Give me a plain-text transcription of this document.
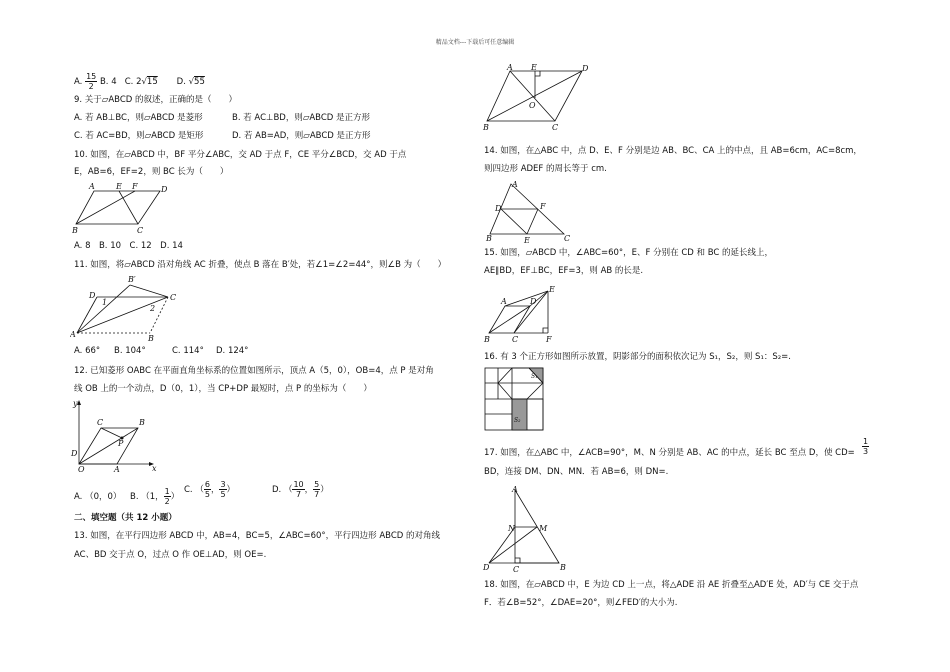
精品文档---下载后可任意编辑
A. $\frac{15}{2} B$. 4 C. 2√15 D. √55
9. 关于▱ABCD 的叙述，正确的是（　　）
A. 若 AB⊥BC，则▱ABCD 是菱形	B. 若 AC⊥BD，则▱ABCD 是正方形
C. 若 AC=BD，则▱ABCD 是矩形	D. 若 AB=AD，则▱ABCD 是正方形
10. 如图，在▱ABCD 中，BF 平分∠ABC，交 AD 于点 F，CE 平分∠BCD，交 AD 于点
E，AB=6，EF=2，则 BC 长为（　　）
A	E F	D
B	C
A. 8　B. 10　C. 12　D. 14
11. 如图，将▱ABCD 沿对角线 AC 折叠，使点 B 落在 B′处，若∠1=∠2=44°，则∠B 为（　　）
B′
D	C
A	B
1
2
A. 66° B. 104°	C. 114° D. 124°
12. 已知菱形 OABC 在平面直角坐标系的位置如图所示，顶点 A（5，0），OB=4，点 P 是对角
线 OB 上的一个动点，D（0，1），当 CP+DP 最短时，点 P 的坐标为（　　）
y
x
C	B
P
D
O	A
A. （0，0） B. （1， $\frac{1}{2}$ ）
C. （ $\frac{6}{5}$ ， $\frac{3}{5}$ ）	D. （ $\frac{10}{7}$ ， $\frac{5}{7}$ ）
二、填空题（共 12 小题）
13. 如图，在平行四边形 ABCD 中，AB=4，BC=5，∠ABC=60°，平行四边形 ABCD 的对角线
AC、BD 交于点 O，过点 O 作 OE⊥AD，则 OE=.
A E	D
O
B	C
14. 如图，在△ABC 中，点 D、E、F 分别是边 AB、BC、CA 上的中点，且 AB=6cm，AC=8cm，
则四边形 ADEF 的周长等于 cm.
A
D	F
B	E	C
15. 如图，▱ABCD 中，∠ABC=60°，E、F 分别在 CD 和 BC 的延长线上，
AE∥BD，EF⊥BC，EF=3，则 AB 的长是.
A	D
E
B	C	F
16. 有 3 个正方形如图所示放置，阴影部分的面积依次记为 S₁，S₂，则 S₁：S₂=.
S₁
S₂
17. 如图，在△ABC 中，∠ACB=90°，M、N 分别是 AB、AC 的中点，延长 BC 至点 D，使 $CD= \frac{1}{3}$
BD，连接 DM、DN、MN．若 AB=6，则 DN=.
A
N	M
D	C	B
18. 如图，在▱ABCD 中，E 为边 CD 上一点，将△ADE 沿 AE 折叠至△AD′E 处，AD′与 CE 交于点
F．若∠B=52°，∠DAE=20°，则∠FED′的大小为.
